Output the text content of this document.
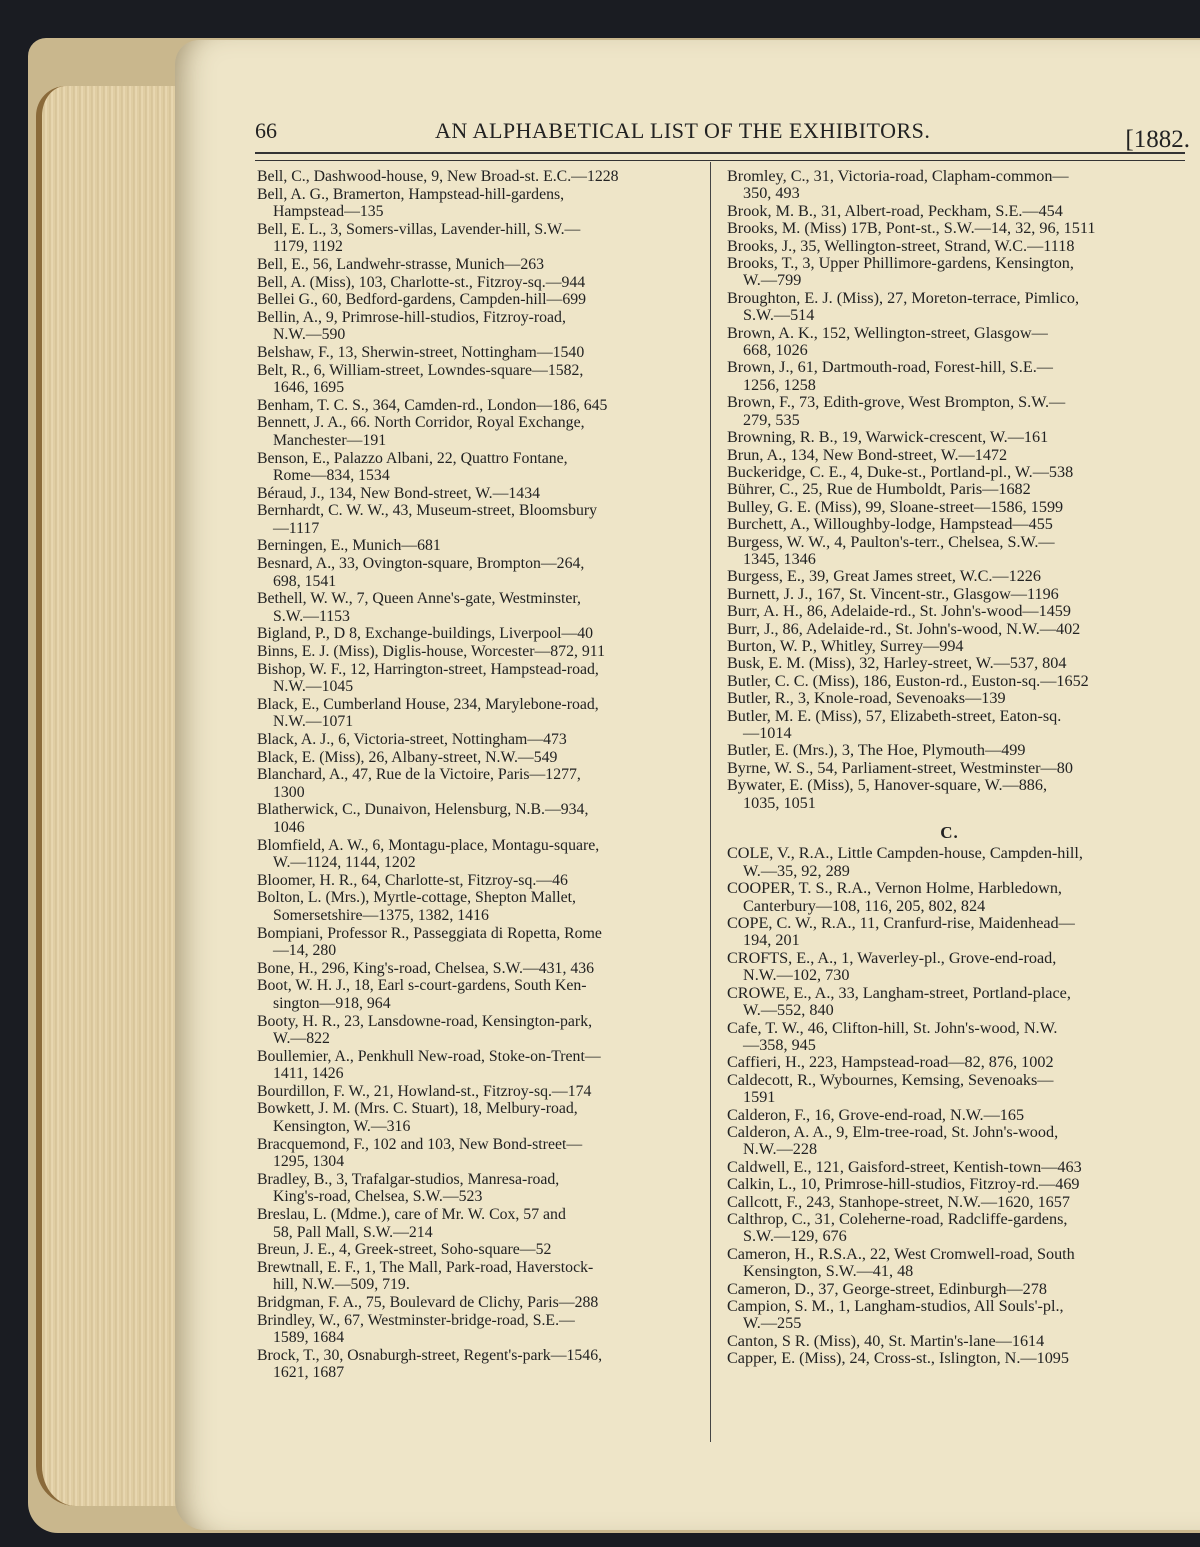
66	AN ALPHABETICAL LIST OF THE EXHIBITORS.	[1882.
Bell, C., Dashwood-house, 9, New Broad-st. E.C.—1228
Bell, A. G., Bramerton, Hampstead-hill-gardens,
Hampstead—135
Bell, E. L., 3, Somers-villas, Lavender-hill, S.W.—
1179, 1192
Bell, E., 56, Landwehr-strasse, Munich—263
Bell, A. (Miss), 103, Charlotte-st., Fitzroy-sq.—944
Bellei G., 60, Bedford-gardens, Campden-hill—699
Bellin, A., 9, Primrose-hill-studios, Fitzroy-road,
N.W.—590
Belshaw, F., 13, Sherwin-street, Nottingham—1540
Belt, R., 6, William-street, Lowndes-square—1582,
1646, 1695
Benham, T. C. S., 364, Camden-rd., London—186, 645
Bennett, J. A., 66. North Corridor, Royal Exchange,
Manchester—191
Benson, E., Palazzo Albani, 22, Quattro Fontane,
Rome—834, 1534
Béraud, J., 134, New Bond-street, W.—1434
Bernhardt, C. W. W., 43, Museum-street, Bloomsbury
—1117
Berningen, E., Munich—681
Besnard, A., 33, Ovington-square, Brompton—264,
698, 1541
Bethell, W. W., 7, Queen Anne's-gate, Westminster,
S.W.—1153
Bigland, P., D 8, Exchange-buildings, Liverpool—40
Binns, E. J. (Miss), Diglis-house, Worcester—872, 911
Bishop, W. F., 12, Harrington-street, Hampstead-road,
N.W.—1045
Black, E., Cumberland House, 234, Marylebone-road,
N.W.—1071
Black, A. J., 6, Victoria-street, Nottingham—473
Black, E. (Miss), 26, Albany-street, N.W.—549
Blanchard, A., 47, Rue de la Victoire, Paris—1277,
1300
Blatherwick, C., Dunaivon, Helensburg, N.B.—934,
1046
Blomfield, A. W., 6, Montagu-place, Montagu-square,
W.—1124, 1144, 1202
Bloomer, H. R., 64, Charlotte-st, Fitzroy-sq.—46
Bolton, L. (Mrs.), Myrtle-cottage, Shepton Mallet,
Somersetshire—1375, 1382, 1416
Bompiani, Professor R., Passeggiata di Ropetta, Rome
—14, 280
Bone, H., 296, King's-road, Chelsea, S.W.—431, 436
Boot, W. H. J., 18, Earl s-court-gardens, South Ken-
sington—918, 964
Booty, H. R., 23, Lansdowne-road, Kensington-park,
W.—822
Boullemier, A., Penkhull New-road, Stoke-on-Trent—
1411, 1426
Bourdillon, F. W., 21, Howland-st., Fitzroy-sq.—174
Bowkett, J. M. (Mrs. C. Stuart), 18, Melbury-road,
Kensington, W.—316
Bracquemond, F., 102 and 103, New Bond-street—
1295, 1304
Bradley, B., 3, Trafalgar-studios, Manresa-road,
King's-road, Chelsea, S.W.—523
Breslau, L. (Mdme.), care of Mr. W. Cox, 57 and
58, Pall Mall, S.W.—214
Breun, J. E., 4, Greek-street, Soho-square—52
Brewtnall, E. F., 1, The Mall, Park-road, Haverstock-
hill, N.W.—509, 719.
Bridgman, F. A., 75, Boulevard de Clichy, Paris—288
Brindley, W., 67, Westminster-bridge-road, S.E.—
1589, 1684
Brock, T., 30, Osnaburgh-street, Regent's-park—1546,
1621, 1687
Bromley, C., 31, Victoria-road, Clapham-common—
350, 493
Brook, M. B., 31, Albert-road, Peckham, S.E.—454
Brooks, M. (Miss) 17B, Pont-st., S.W.—14, 32, 96, 1511
Brooks, J., 35, Wellington-street, Strand, W.C.—1118
Brooks, T., 3, Upper Phillimore-gardens, Kensington,
W.—799
Broughton, E. J. (Miss), 27, Moreton-terrace, Pimlico,
S.W.—514
Brown, A. K., 152, Wellington-street, Glasgow—
668, 1026
Brown, J., 61, Dartmouth-road, Forest-hill, S.E.—
1256, 1258
Brown, F., 73, Edith-grove, West Brompton, S.W.—
279, 535
Browning, R. B., 19, Warwick-crescent, W.—161
Brun, A., 134, New Bond-street, W.—1472
Buckeridge, C. E., 4, Duke-st., Portland-pl., W.—538
Bührer, C., 25, Rue de Humboldt, Paris—1682
Bulley, G. E. (Miss), 99, Sloane-street—1586, 1599
Burchett, A., Willoughby-lodge, Hampstead—455
Burgess, W. W., 4, Paulton's-terr., Chelsea, S.W.—
1345, 1346
Burgess, E., 39, Great James street, W.C.—1226
Burnett, J. J., 167, St. Vincent-str., Glasgow—1196
Burr, A. H., 86, Adelaide-rd., St. John's-wood—1459
Burr, J., 86, Adelaide-rd., St. John's-wood, N.W.—402
Burton, W. P., Whitley, Surrey—994
Busk, E. M. (Miss), 32, Harley-street, W.—537, 804
Butler, C. C. (Miss), 186, Euston-rd., Euston-sq.—1652
Butler, R., 3, Knole-road, Sevenoaks—139
Butler, M. E. (Miss), 57, Elizabeth-street, Eaton-sq.
—1014
Butler, E. (Mrs.), 3, The Hoe, Plymouth—499
Byrne, W. S., 54, Parliament-street, Westminster—80
Bywater, E. (Miss), 5, Hanover-square, W.—886,
1035, 1051
C.
COLE, V., R.A., Little Campden-house, Campden-hill,
W.—35, 92, 289
COOPER, T. S., R.A., Vernon Holme, Harbledown,
Canterbury—108, 116, 205, 802, 824
COPE, C. W., R.A., 11, Cranfurd-rise, Maidenhead—
194, 201
CROFTS, E., A., 1, Waverley-pl., Grove-end-road,
N.W.—102, 730
CROWE, E., A., 33, Langham-street, Portland-place,
W.—552, 840
Cafe, T. W., 46, Clifton-hill, St. John's-wood, N.W.
—358, 945
Caffieri, H., 223, Hampstead-road—82, 876, 1002
Caldecott, R., Wybournes, Kemsing, Sevenoaks—
1591
Calderon, F., 16, Grove-end-road, N.W.—165
Calderon, A. A., 9, Elm-tree-road, St. John's-wood,
N.W.—228
Caldwell, E., 121, Gaisford-street, Kentish-town—463
Calkin, L., 10, Primrose-hill-studios, Fitzroy-rd.—469
Callcott, F., 243, Stanhope-street, N.W.—1620, 1657
Calthrop, C., 31, Coleherne-road, Radcliffe-gardens,
S.W.—129, 676
Cameron, H., R.S.A., 22, West Cromwell-road, South
Kensington, S.W.—41, 48
Cameron, D., 37, George-street, Edinburgh—278
Campion, S. M., 1, Langham-studios, All Souls'-pl.,
W.—255
Canton, S R. (Miss), 40, St. Martin's-lane—1614
Capper, E. (Miss), 24, Cross-st., Islington, N.—1095
